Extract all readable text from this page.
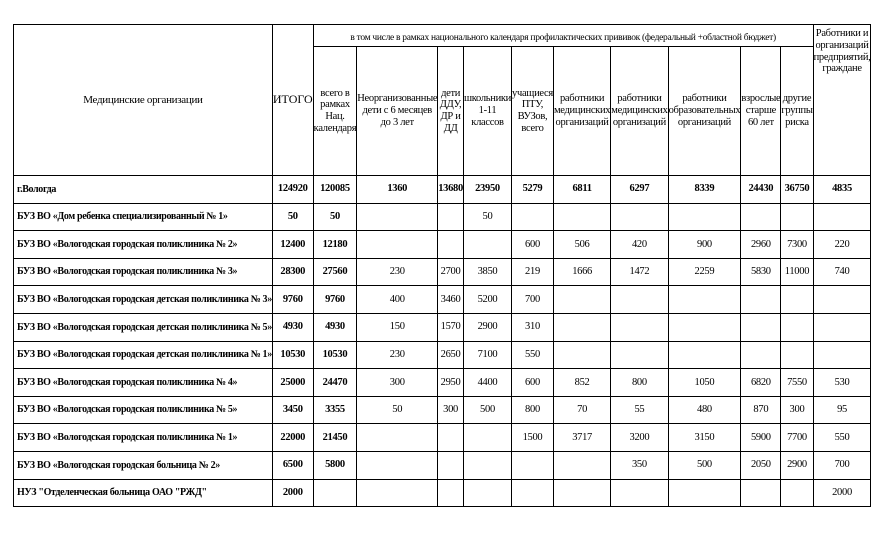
Медицинские организации	ИТОГО	в том числе в рамках национального календаря профилактических прививок (федеральный +областной бюджет)										Работники и организаций предприятий, граждане
		всего в рамках Нац. календаря	Неорганизованные дети с 6 месяцев до 3 лет	дети ДДУ, ДР и ДД	школьники 1-11 классов	учащиеся ПТУ, ВУЗов, всего	работники медицинских организаций	работники медицинских организаций	работники образовательных организаций	взрослые старше 60 лет	другие группы риска	
г.Вологда	124920	120085	1360	13680	23950	5279	6811	6297	8339	24430	36750	4835
БУЗ ВО «Дом ребенка специализированный № 1»	50	50			50							
БУЗ ВО «Вологодская городская поликлиника № 2»	12400	12180				600	506	420	900	2960	7300	220
БУЗ ВО «Вологодская городская поликлиника № 3»	28300	27560	230	2700	3850	219	1666	1472	2259	5830	11000	740
БУЗ ВО «Вологодская городская детская поликлиника № 3»	9760	9760	400	3460	5200	700						
БУЗ ВО «Вологодская городская детская поликлиника № 5»	4930	4930	150	1570	2900	310						
БУЗ ВО «Вологодская городская детская поликлиника № 1»	10530	10530	230	2650	7100	550						
БУЗ ВО «Вологодская городская поликлиника № 4»	25000	24470	300	2950	4400	600	852	800	1050	6820	7550	530
БУЗ ВО «Вологодская городская поликлиника № 5»	3450	3355	50	300	500	800	70	55	480	870	300	95
БУЗ ВО «Вологодская городская поликлиника № 1»	22000	21450				1500	3717	3200	3150	5900	7700	550
БУЗ ВО «Вологодская городская больница № 2»	6500	5800						350	500	2050	2900	700
НУЗ "Отделенческая больница ОАО "РЖД"	2000											2000
